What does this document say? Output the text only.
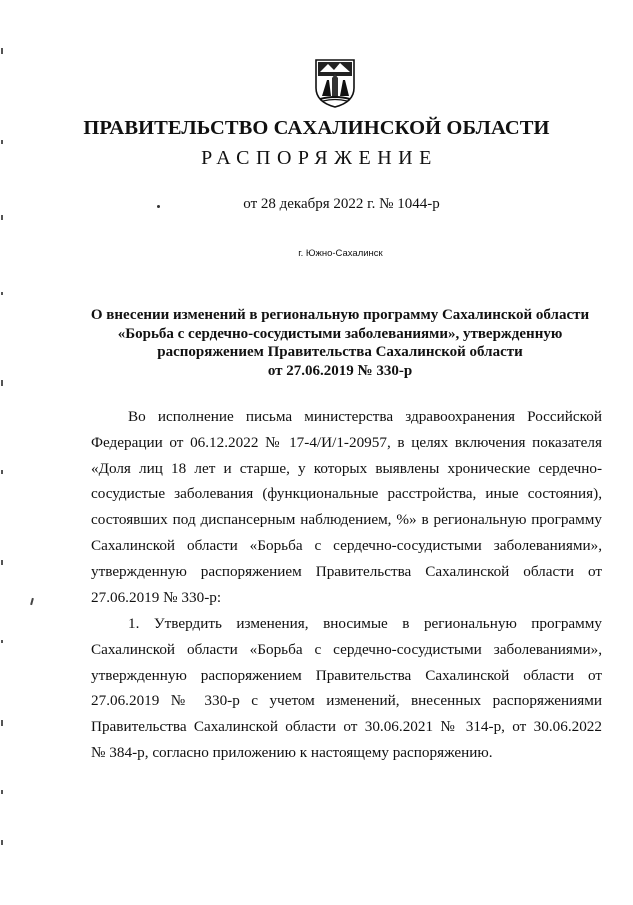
ПРАВИТЕЛЬСТВО САХАЛИНСКОЙ ОБЛАСТИ
РАСПОРЯЖЕНИЕ
от 28 декабря 2022 г. № 1044-р
г. Южно-Сахалинск
О внесении изменений в региональную программу Сахалинской области
«Борьба с сердечно-сосудистыми заболеваниями», утвержденную
распоряжением Правительства Сахалинской области
от 27.06.2019 № 330-р
Во исполнение письма министерства здравоохранения Российской
Федерации от 06.12.2022 № 17-4/И/1-20957, в целях включения показателя
«Доля лиц 18 лет и старше, у которых выявлены хронические сердечно-
сосудистые заболевания (функциональные расстройства, иные состояния),
состоявших под диспансерным наблюдением, %» в региональную программу
Сахалинской области «Борьба с сердечно-сосудистыми заболеваниями»,
утвержденную распоряжением Правительства Сахалинской области от
27.06.2019 № 330-р:
1. Утвердить изменения, вносимые в региональную программу
Сахалинской области «Борьба с сердечно-сосудистыми заболеваниями»,
утвержденную распоряжением Правительства Сахалинской области от
27.06.2019 № 330-р с учетом изменений, внесенных распоряжениями
Правительства Сахалинской области от 30.06.2021 № 314-р, от 30.06.2022
№ 384-р, согласно приложению к настоящему распоряжению.
